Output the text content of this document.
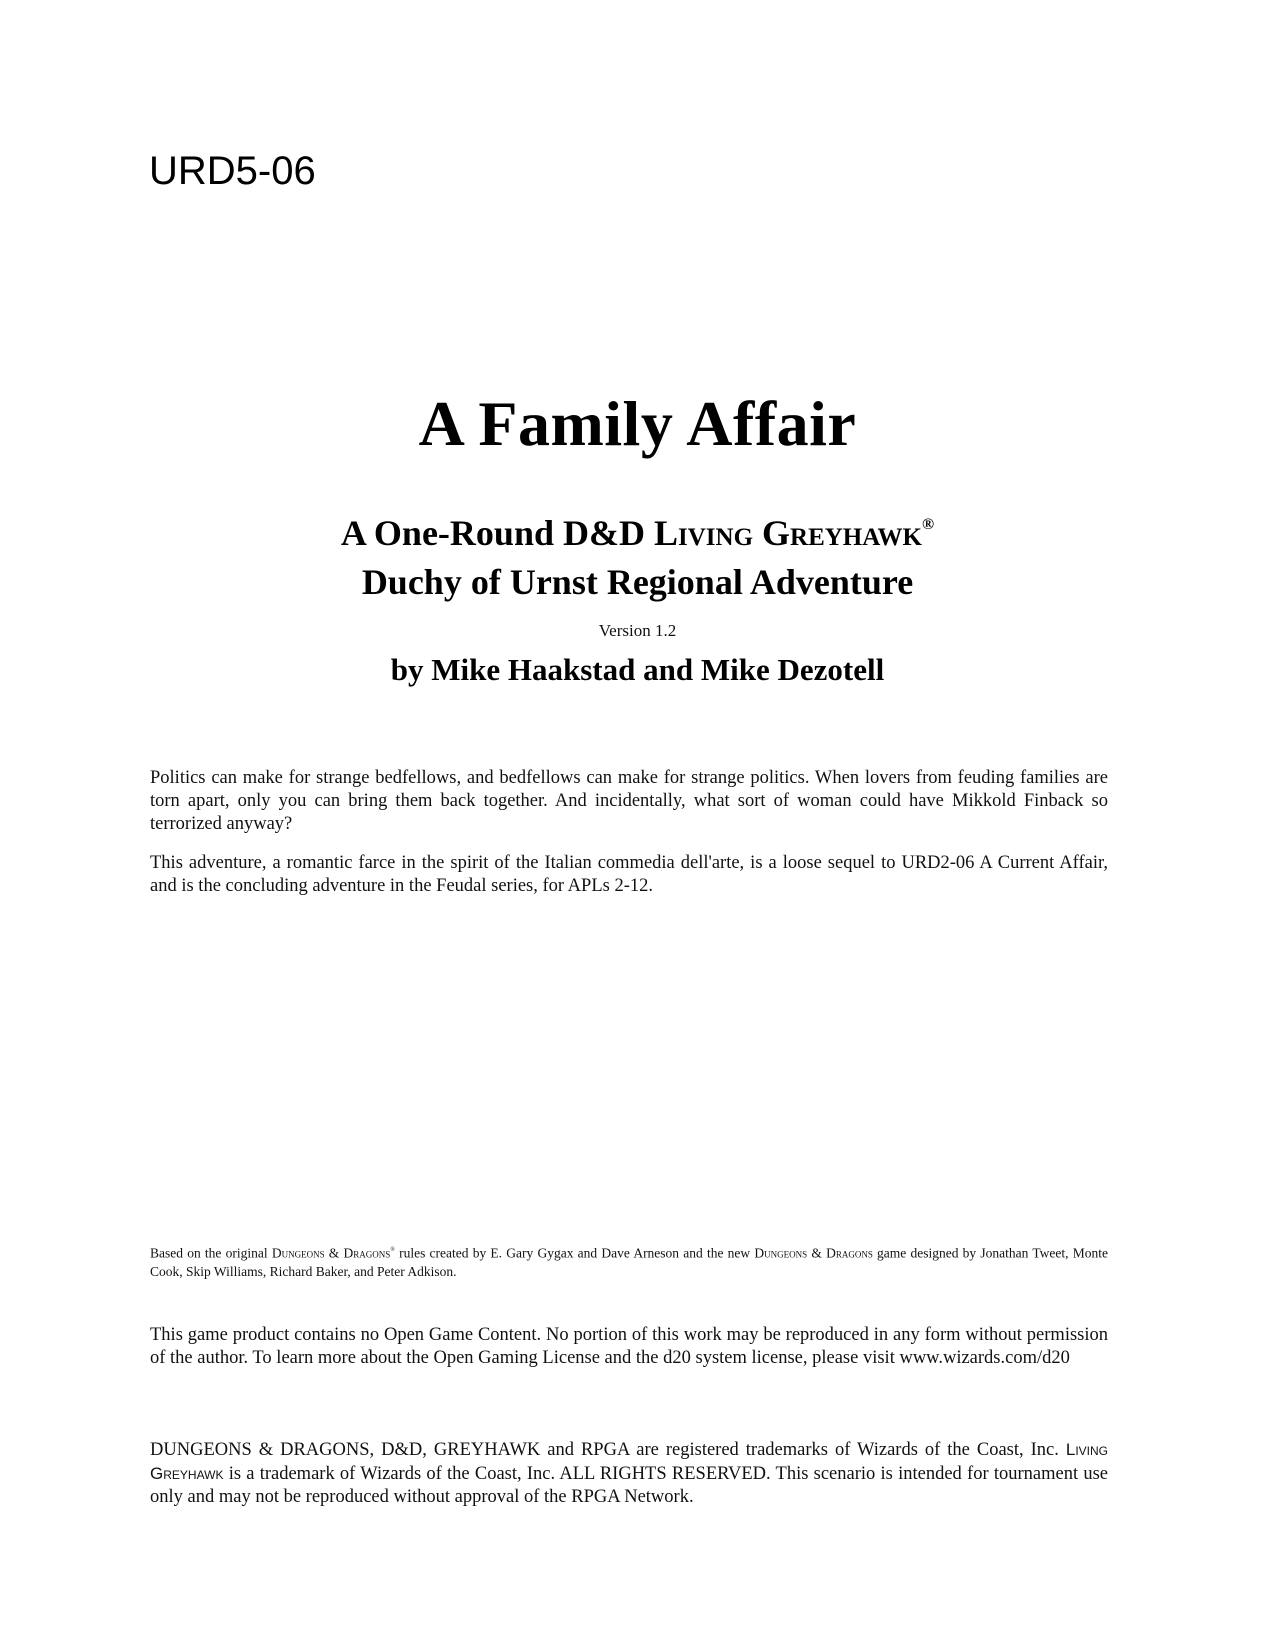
URD5-06
A Family Affair
A One-Round D&D Living Greyhawk®
Duchy of Urnst Regional Adventure
Version 1.2
by Mike Haakstad and Mike Dezotell

Politics can make for strange bedfellows, and bedfellows can make for strange politics. When lovers from feuding families are torn apart, only you can bring them back together. And incidentally, what sort of woman could have Mikkold Finback so terrorized anyway?

This adventure, a romantic farce in the spirit of the Italian commedia dell'arte, is a loose sequel to URD2-06 A Current Affair, and is the concluding adventure in the Feudal series, for APLs 2-12.

Based on the original Dungeons & Dragons® rules created by E. Gary Gygax and Dave Arneson and the new Dungeons & Dragons game designed by Jonathan Tweet, Monte Cook, Skip Williams, Richard Baker, and Peter Adkison.

This game product contains no Open Game Content. No portion of this work may be reproduced in any form without permission of the author. To learn more about the Open Gaming License and the d20 system license, please visit www.wizards.com/d20

DUNGEONS & DRAGONS, D&D, GREYHAWK and RPGA are registered trademarks of Wizards of the Coast, Inc. Living Greyhawk is a trademark of Wizards of the Coast, Inc. ALL RIGHTS RESERVED. This scenario is intended for tournament use only and may not be reproduced without approval of the RPGA Network.
